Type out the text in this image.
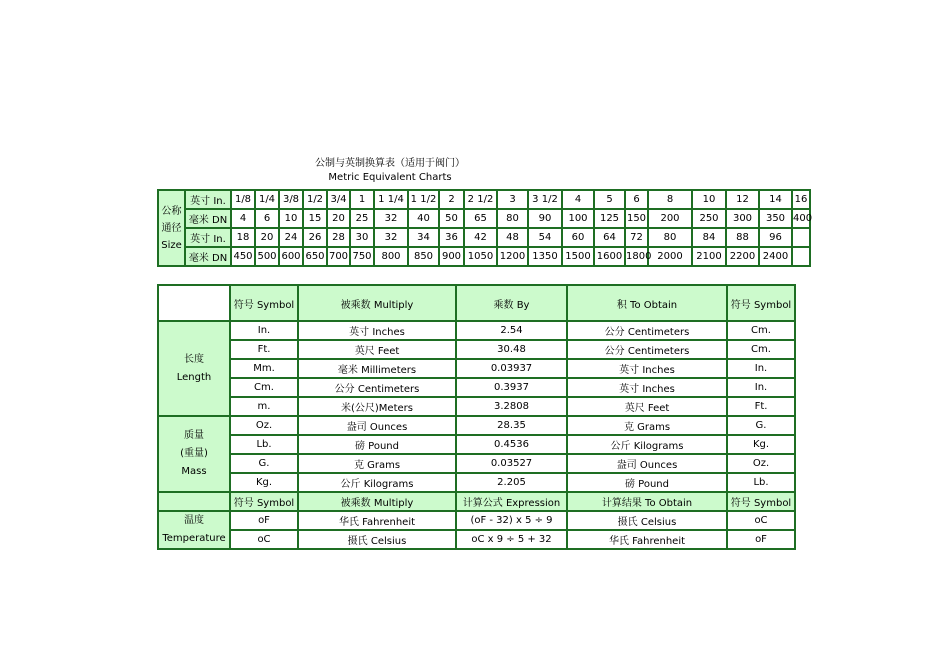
公制与英制换算表（适用于阀门）
Metric Equivalent Charts
公称
通径
Size	英寸 In.	1/8	1/4	3/8	1/2	3/4	1	1 1/4	1 1/2	2	2 1/2	3	3 1/2	4	5	6	8	10	12	14	16
	毫米 DN	4	6	10	15	20	25	32	40	50	65	80	90	100	125	150	200	250	300	350	400
	英寸 In.	18	20	24	26	28	30	32	34	36	42	48	54	60	64	72	80	84	88	96	
	毫米 DN	450	500	600	650	700	750	800	850	900	1050	1200	1350	1500	1600	1800	2000	2100	2200	2400	
	符号 Symbol	被乘数 Multiply	乘数 By	积 To Obtain	符号 Symbol

长度
Length	In.	英寸 Inches	2.54	公分 Centimeters	Cm.
	Ft.	英尺 Feet	30.48	公分 Centimeters	Cm.
	Mm.	毫米 Millimeters	0.03937	英寸 Inches	In.
	Cm.	公分 Centimeters	0.3937	英寸 Inches	In.
	m.	米(公尺)Meters	3.2808	英尺 Feet	Ft.

质量
(重量)
Mass	Oz.	盎司 Ounces	28.35	克 Grams	G.
	Lb.	磅 Pound	0.4536	公斤 Kilograms	Kg.
	G.	克 Grams	0.03527	盎司 Ounces	Oz.
	Kg.	公斤 Kilograms	2.205	磅 Pound	Lb.
	符号 Symbol	被乘数 Multiply	计算公式 Expression	计算结果 To Obtain	符号 Symbol

温度
Temperature	oF	华氏 Fahrenheit	(oF - 32) x 5 ÷ 9	摄氏 Celsius	oC
	oC	摄氏 Celsius	oC x 9 ÷ 5 + 32	华氏 Fahrenheit	oF
